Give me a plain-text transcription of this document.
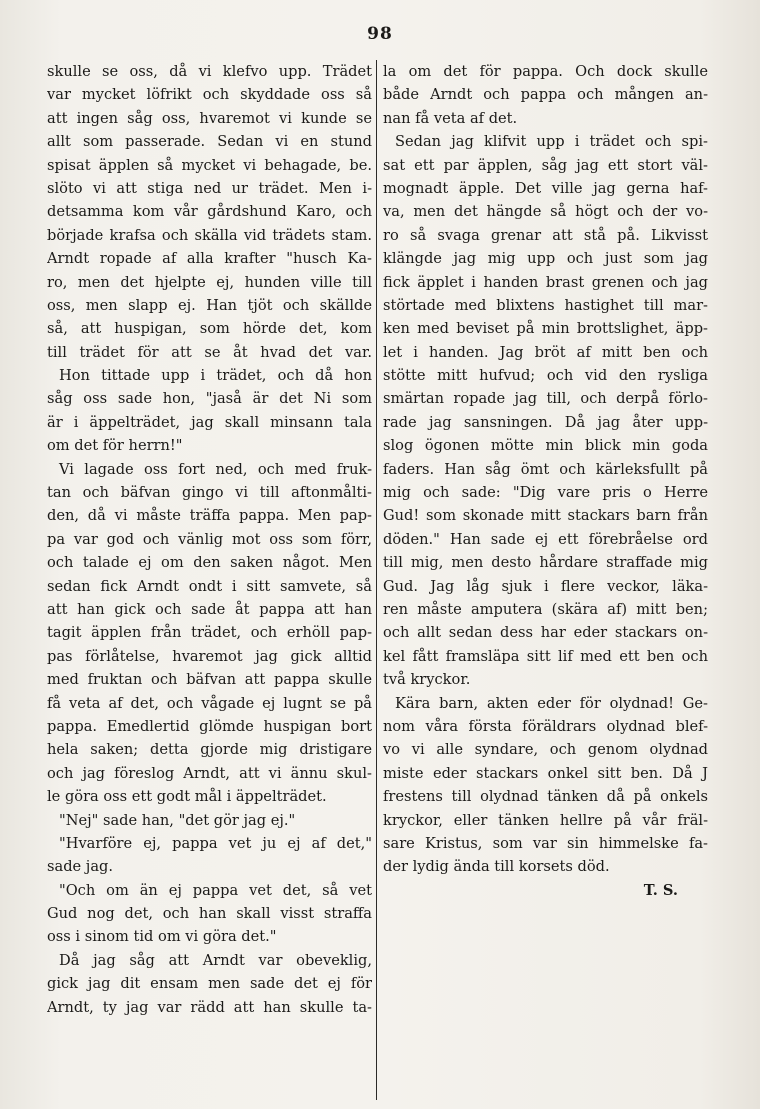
98
skulle se oss, då vi klefvo upp. Trädet
var mycket löfrikt och skyddade oss så
att ingen såg oss, hvaremot vi kunde se
allt som passerade. Sedan vi en stund
spisat äpplen så mycket vi behagade, be.
slöto vi att stiga ned ur trädet. Men i-
detsamma kom vår gårdshund Karo, och
började krafsa och skälla vid trädets stam.
Arndt ropade af alla krafter "husch Ka-
ro, men det hjelpte ej, hunden ville till
oss, men slapp ej. Han tjöt och skällde
så, att huspigan, som hörde det, kom
till trädet för att se åt hvad det var.
Hon tittade upp i trädet, och då hon
såg oss sade hon, "jaså är det Ni som
är i äppelträdet, jag skall minsann tala
om det för herrn!"
Vi lagade oss fort ned, och med fruk-
tan och bäfvan gingo vi till aftonmålti-
den, då vi måste träffa pappa. Men pap-
pa var god och vänlig mot oss som förr,
och talade ej om den saken något. Men
sedan fick Arndt ondt i sitt samvete, så
att han gick och sade åt pappa att han
tagit äpplen från trädet, och erhöll pap-
pas förlåtelse, hvaremot jag gick alltid
med fruktan och bäfvan att pappa skulle
få veta af det, och vågade ej lugnt se på
pappa. Emedlertid glömde huspigan bort
hela saken; detta gjorde mig dristigare
och jag föreslog Arndt, att vi ännu skul-
le göra oss ett godt mål i äppelträdet.
"Nej" sade han, "det gör jag ej."
"Hvarföre ej, pappa vet ju ej af det,"
sade jag.
"Och om än ej pappa vet det, så vet
Gud nog det, och han skall visst straffa
oss i sinom tid om vi göra det."
Då jag såg att Arndt var obeveklig,
gick jag dit ensam men sade det ej för
Arndt, ty jag var rädd att han skulle ta-
la om det för pappa. Och dock skulle
både Arndt och pappa och mången an-
nan få veta af det.
Sedan jag klifvit upp i trädet och spi-
sat ett par äpplen, såg jag ett stort väl-
mognadt äpple. Det ville jag gerna haf-
va, men det hängde så högt och der vo-
ro så svaga grenar att stå på. Likvisst
klängde jag mig upp och just som jag
fick äpplet i handen brast grenen och jag
störtade med blixtens hastighet till mar-
ken med beviset på min brottslighet, äpp-
let i handen. Jag bröt af mitt ben och
stötte mitt hufvud; och vid den rysliga
smärtan ropade jag till, och derpå förlo-
rade jag sansningen. Då jag åter upp-
slog ögonen mötte min blick min goda
faders. Han såg ömt och kärleksfullt på
mig och sade: "Dig vare pris o Herre
Gud! som skonade mitt stackars barn från
döden." Han sade ej ett förebråelse ord
till mig, men desto hårdare straffade mig
Gud. Jag låg sjuk i flere veckor, läka-
ren måste amputera (skära af) mitt ben;
och allt sedan dess har eder stackars on-
kel fått framsläpa sitt lif med ett ben och
två kryckor.
Kära barn, akten eder för olydnad! Ge-
nom våra första föräldrars olydnad blef-
vo vi alle syndare, och genom olydnad
miste eder stackars onkel sitt ben. Då J
frestens till olydnad tänken då på onkels
kryckor, eller tänken hellre på vår fräl-
sare Kristus, som var sin himmelske fa-
der lydig ända till korsets död.
T. S.
